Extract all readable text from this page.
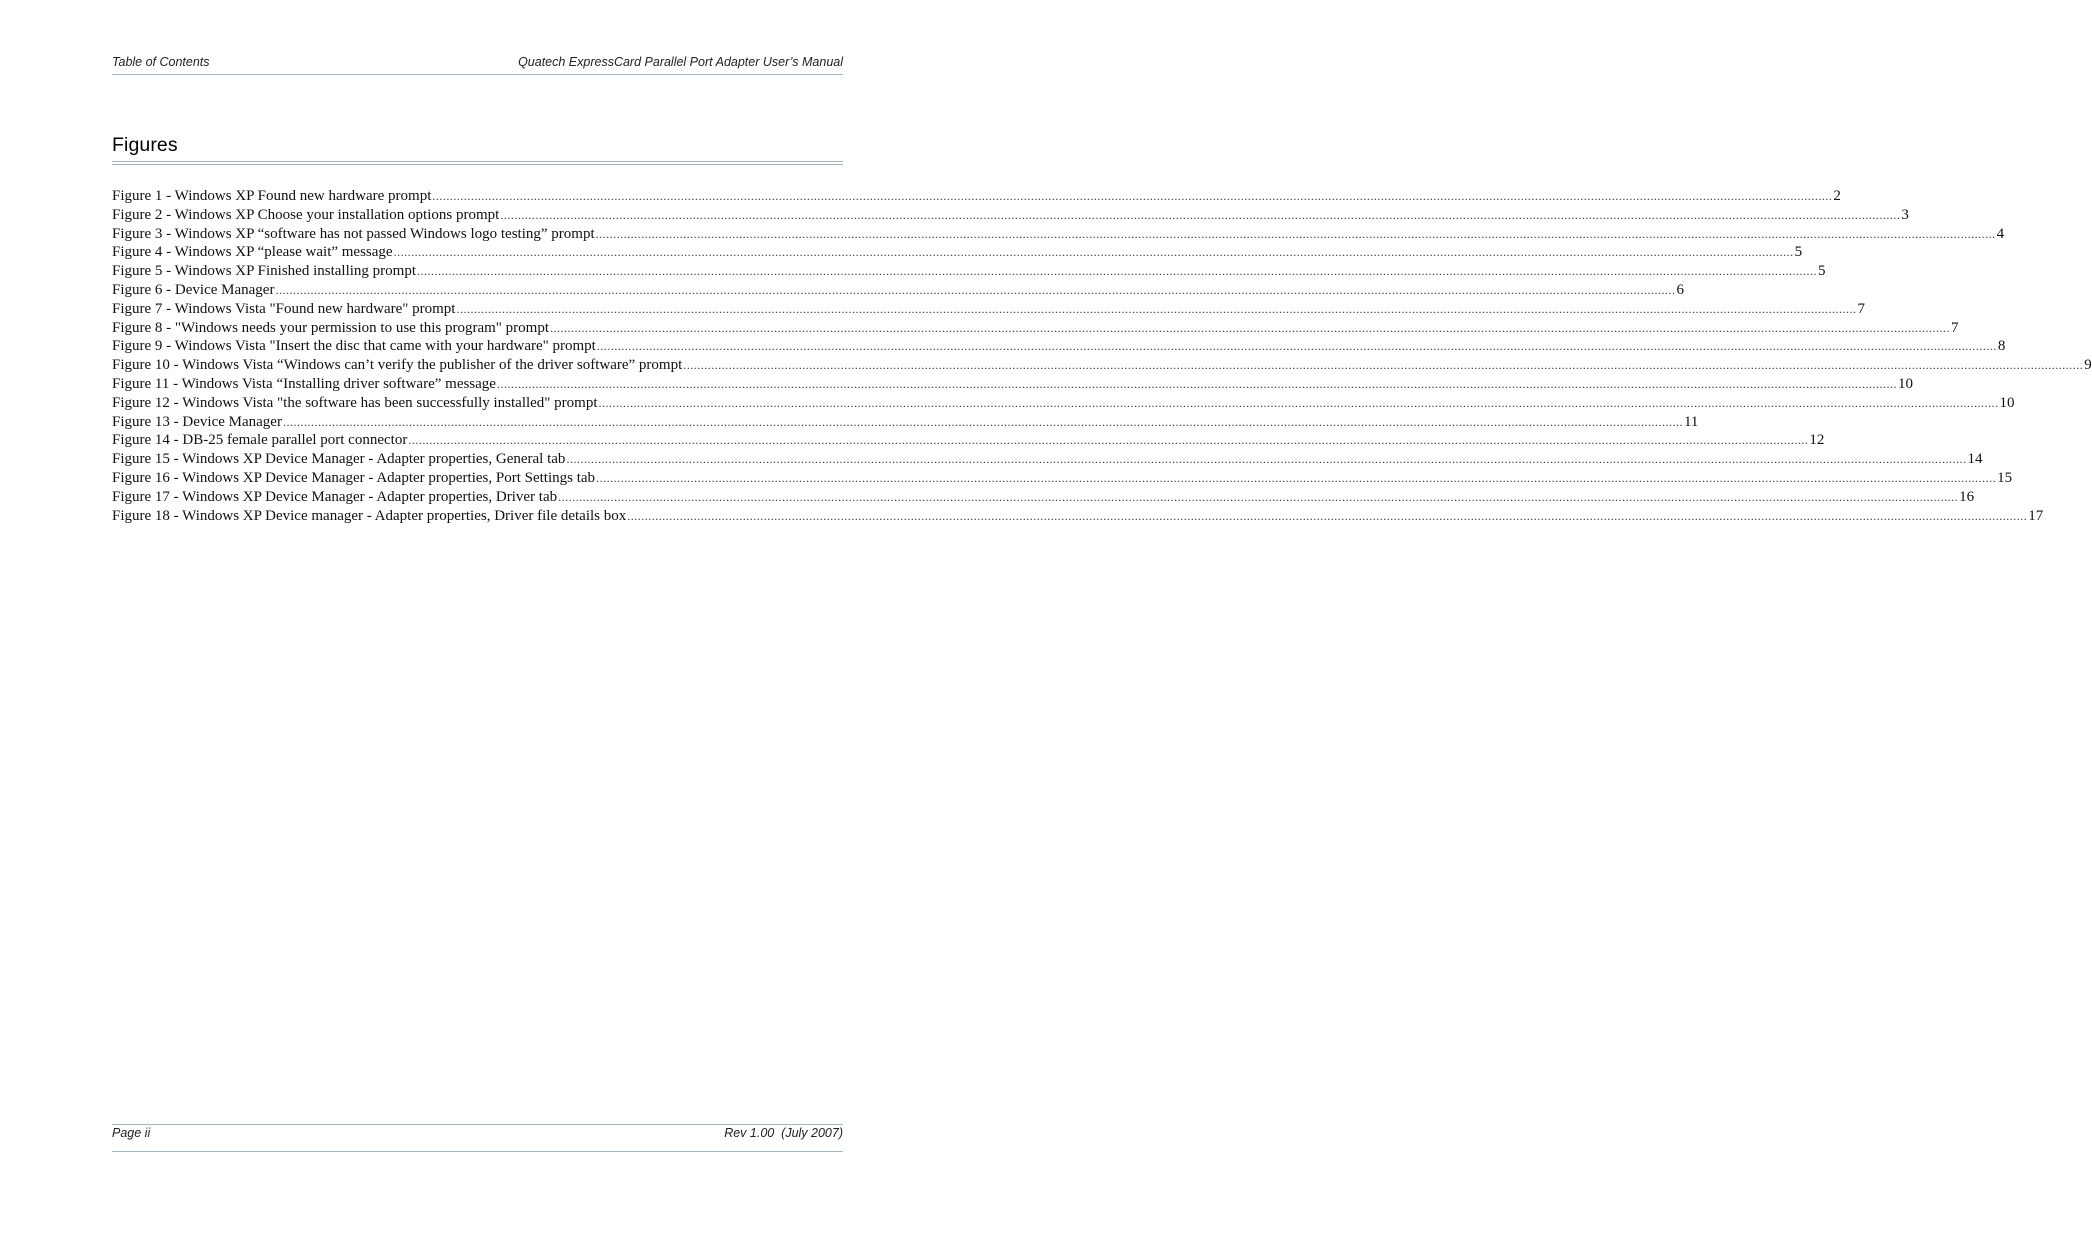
Table of Contents	Quatech ExpressCard Parallel Port Adapter User’s Manual
Figures
Figure 1 - Windows XP Found new hardware prompt ................................................................................................................................................................................................................................................................................................................................................................................................................ 2
Figure 2 - Windows XP Choose your installation options prompt ................................................................................................................................................................................................................................................................................................................................................................................................................ 3
Figure 3 - Windows XP “software has not passed Windows logo testing” prompt ................................................................................................................................................................................................................................................................................................................................................................................................................ 4
Figure 4 - Windows XP “please wait” message ................................................................................................................................................................................................................................................................................................................................................................................................................ 5
Figure 5 - Windows XP Finished installing prompt ................................................................................................................................................................................................................................................................................................................................................................................................................ 5
Figure 6 - Device Manager ................................................................................................................................................................................................................................................................................................................................................................................................................ 6
Figure 7 - Windows Vista "Found new hardware" prompt ................................................................................................................................................................................................................................................................................................................................................................................................................ 7
Figure 8 - "Windows needs your permission to use this program" prompt ................................................................................................................................................................................................................................................................................................................................................................................................................ 7
Figure 9 - Windows Vista "Insert the disc that came with your hardware" prompt ................................................................................................................................................................................................................................................................................................................................................................................................................ 8
Figure 10 - Windows Vista “Windows can’t verify the publisher of the driver software” prompt ................................................................................................................................................................................................................................................................................................................................................................................................................ 9
Figure 11 - Windows Vista “Installing driver software” message ................................................................................................................................................................................................................................................................................................................................................................................................................ 10
Figure 12 - Windows Vista "the software has been successfully installed" prompt ................................................................................................................................................................................................................................................................................................................................................................................................................ 10
Figure 13 - Device Manager ................................................................................................................................................................................................................................................................................................................................................................................................................ 11
Figure 14 - DB-25 female parallel port connector ................................................................................................................................................................................................................................................................................................................................................................................................................ 12
Figure 15 - Windows XP Device Manager - Adapter properties, General tab ................................................................................................................................................................................................................................................................................................................................................................................................................ 14
Figure 16 - Windows XP Device Manager - Adapter properties, Port Settings tab ................................................................................................................................................................................................................................................................................................................................................................................................................ 15
Figure 17 - Windows XP Device Manager - Adapter properties, Driver tab ................................................................................................................................................................................................................................................................................................................................................................................................................ 16
Figure 18 - Windows XP Device manager - Adapter properties, Driver file details box ................................................................................................................................................................................................................................................................................................................................................................................................................ 17
Page ii	Rev 1.00  (July 2007)
